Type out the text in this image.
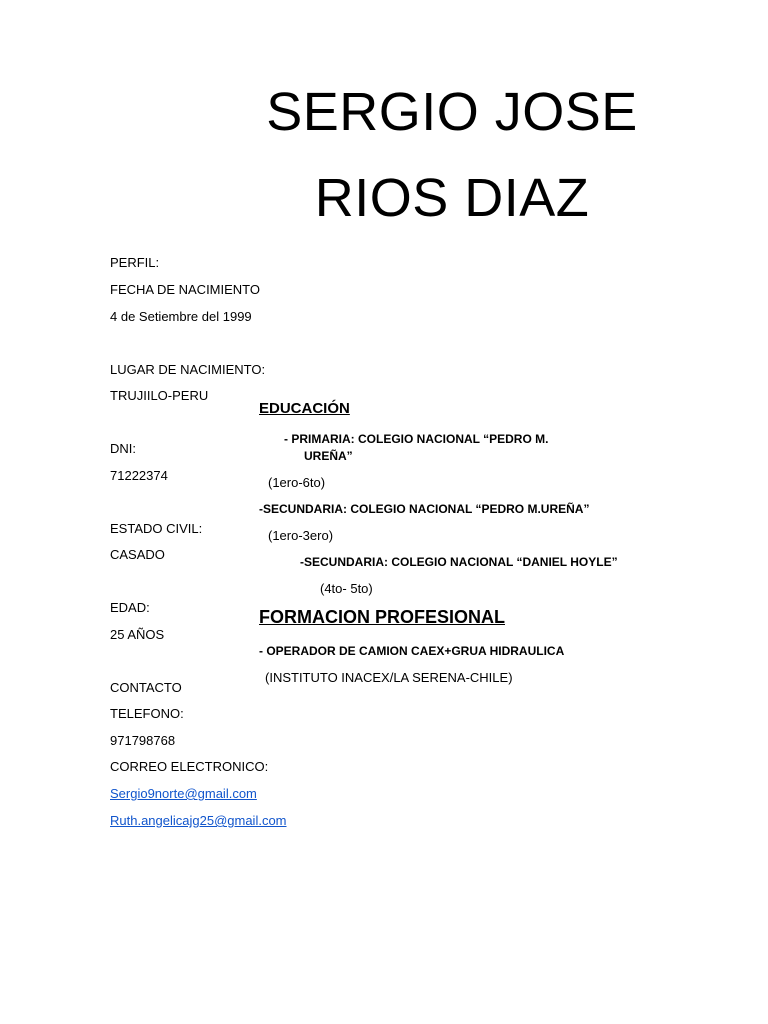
SERGIO JOSE
RIOS DIAZ
PERFIL:
FECHA DE NACIMIENTO
4 de Setiembre del 1999
LUGAR DE NACIMIENTO:
TRUJIILO-PERU
DNI:
71222374
ESTADO CIVIL:
CASADO
EDAD:
25 AÑOS
CONTACTO
TELEFONO:
971798768
CORREO ELECTRONICO:
Sergio9norte@gmail.com
Ruth.angelicajg25@gmail.com
EDUCACIÓN
- PRIMARIA: COLEGIO NACIONAL “PEDRO M.
UREÑA”
(1ero-6to)
-SECUNDARIA: COLEGIO NACIONAL “PEDRO M.UREÑA”
(1ero-3ero)
-SECUNDARIA: COLEGIO NACIONAL “DANIEL HOYLE”
(4to- 5to)
FORMACION PROFESIONAL
- OPERADOR DE CAMION CAEX+GRUA HIDRAULICA
(INSTITUTO INACEX/LA SERENA-CHILE)
